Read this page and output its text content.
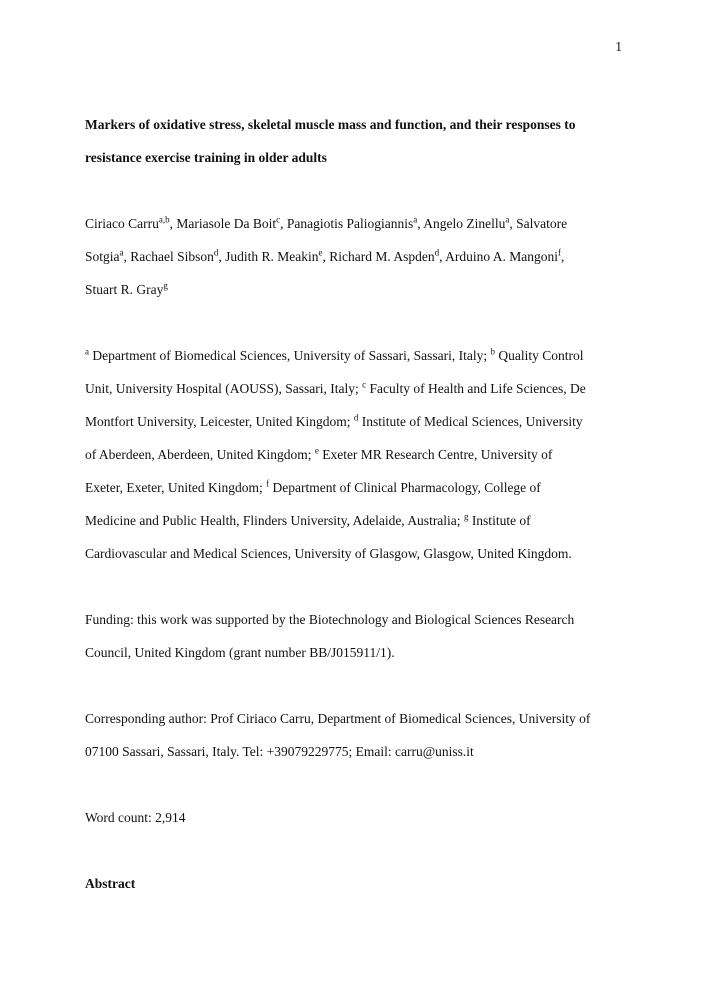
1
Markers of oxidative stress, skeletal muscle mass and function, and their responses to
resistance exercise training in older adults
Ciriaco Carru$^{a,b}$, Mariasole Da Boit$^c$, Panagiotis Paliogiannis$^a$, Angelo Zinellu$^a$, Salvatore
Sotgia$^a$, Rachael Sibson$^d$, Judith R. Meakin$^e$, Richard M. Aspden$^d$, Arduino A. Mangoni$^f$,
Stuart R. Gray$^g$
$^a$ Department of Biomedical Sciences, University of Sassari, Sassari, Italy; $^b$ Quality Control
Unit, University Hospital (AOUSS), Sassari, Italy; $^c$ Faculty of Health and Life Sciences, De
Montfort University, Leicester, United Kingdom; $^d$ Institute of Medical Sciences, University
of Aberdeen, Aberdeen, United Kingdom; $^e$ Exeter MR Research Centre, University of
Exeter, Exeter, United Kingdom; $^f$ Department of Clinical Pharmacology, College of
Medicine and Public Health, Flinders University, Adelaide, Australia; $^g$ Institute of
Cardiovascular and Medical Sciences, University of Glasgow, Glasgow, United Kingdom.
Funding: this work was supported by the Biotechnology and Biological Sciences Research
Council, United Kingdom (grant number BB/J015911/1).
Corresponding author: Prof Ciriaco Carru, Department of Biomedical Sciences, University of
07100 Sassari, Sassari, Italy. Tel: +39079229775; Email: carru@uniss.it
Word count: 2,914
Abstract
